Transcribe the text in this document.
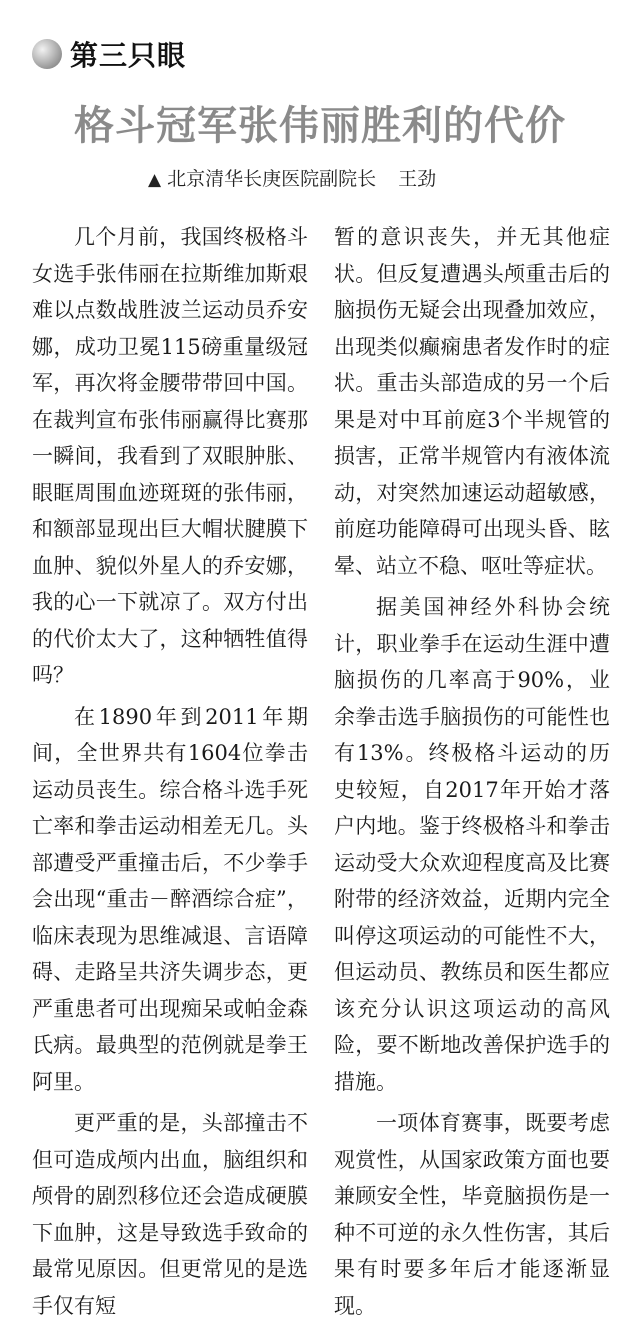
第三只眼
格斗冠军张伟丽胜利的代价
▲ 北京清华长庚医院副院长 王劲

几个月前，我国终极格斗女选手张伟丽在拉斯维加斯艰难以点数战胜波兰运动员乔安娜，成功卫冕115磅重量级冠军，再次将金腰带带回中国。在裁判宣布张伟丽赢得比赛那一瞬间，我看到了双眼肿胀、眼眶周围血迹斑斑的张伟丽，和额部显现出巨大帽状腱膜下血肿、貌似外星人的乔安娜，我的心一下就凉了。双方付出的代价太大了，这种牺牲值得吗？

在1890年到2011年期间，全世界共有1604位拳击运动员丧生。综合格斗选手死亡率和拳击运动相差无几。头部遭受严重撞击后，不少拳手会出现“重击－醉酒综合症”，临床表现为思维减退、言语障碍、走路呈共济失调步态，更严重患者可出现痴呆或帕金森氏病。最典型的范例就是拳王阿里。

更严重的是，头部撞击不但可造成颅内出血，脑组织和颅骨的剧烈移位还会造成硬膜下血肿，这是导致选手致命的最常见原因。但更常见的是选手仅有短

暂的意识丧失，并无其他症状。但反复遭遇头颅重击后的脑损伤无疑会出现叠加效应，出现类似癫痫患者发作时的症状。重击头部造成的另一个后果是对中耳前庭3个半规管的损害，正常半规管内有液体流动，对突然加速运动超敏感，前庭功能障碍可出现头昏、眩晕、站立不稳、呕吐等症状。

据美国神经外科协会统计，职业拳手在运动生涯中遭脑损伤的几率高于90%，业余拳击选手脑损伤的可能性也有13%。终极格斗运动的历史较短，自2017年开始才落户内地。鉴于终极格斗和拳击运动受大众欢迎程度高及比赛附带的经济效益，近期内完全叫停这项运动的可能性不大，但运动员、教练员和医生都应该充分认识这项运动的高风险，要不断地改善保护选手的措施。

一项体育赛事，既要考虑观赏性，从国家政策方面也要兼顾安全性，毕竟脑损伤是一种不可逆的永久性伤害，其后果有时要多年后才能逐渐显现。
